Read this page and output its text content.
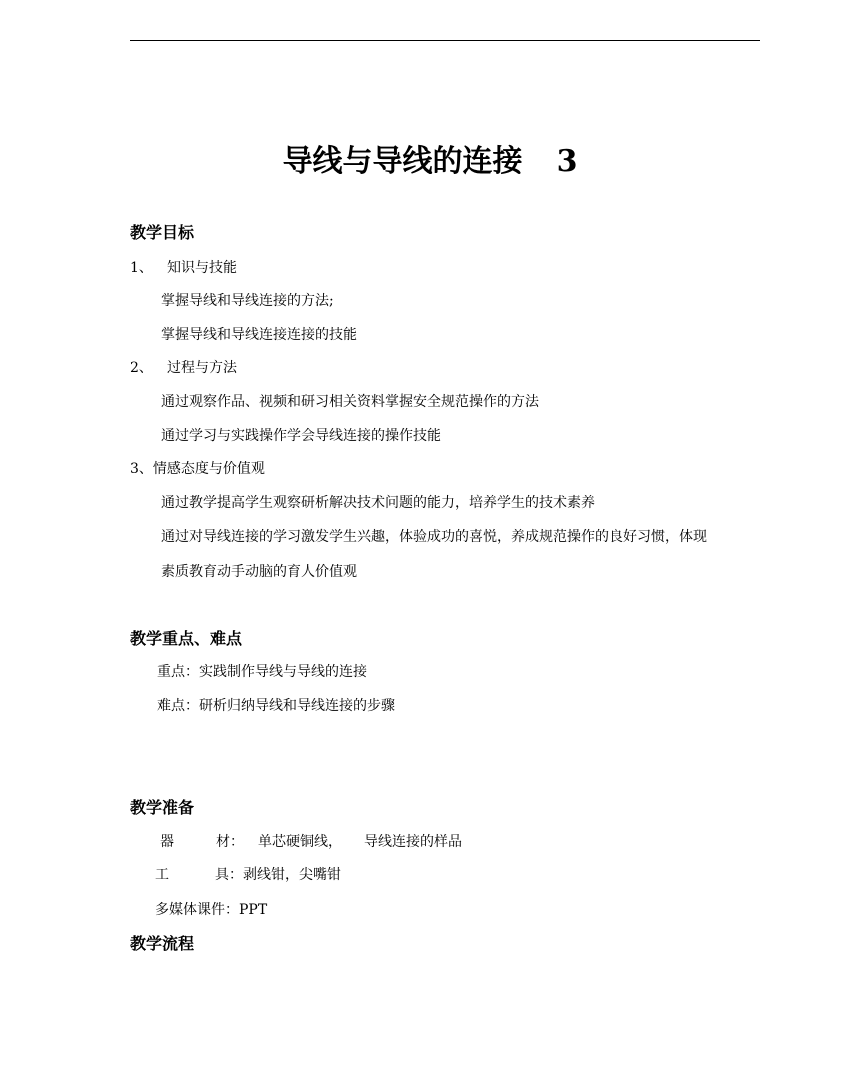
导线与导线的连接 3
教学目标

1、 知识与技能

掌握导线和导线连接的方法;

掌握导线和导线连接连接的技能

2、 过程与方法

通过观察作品、视频和研习相关资料掌握安全规范操作的方法

通过学习与实践操作学会导线连接的操作技能

3、情感态度与价值观

通过教学提高学生观察研析解决技术问题的能力，培养学生的技术素养

通过对导线连接的学习激发学生兴趣，体验成功的喜悦，养成规范操作的良好习惯，体现

素质教育动手动脑的育人价值观

教学重点、难点

重点：实践制作导线与导线的连接

难点：研析归纳导线和导线连接的步骤

教学准备

器	材： 单芯硬铜线， 导线连接的样品

工	具：剥线钳，尖嘴钳

多媒体课件：PPT

教学流程
